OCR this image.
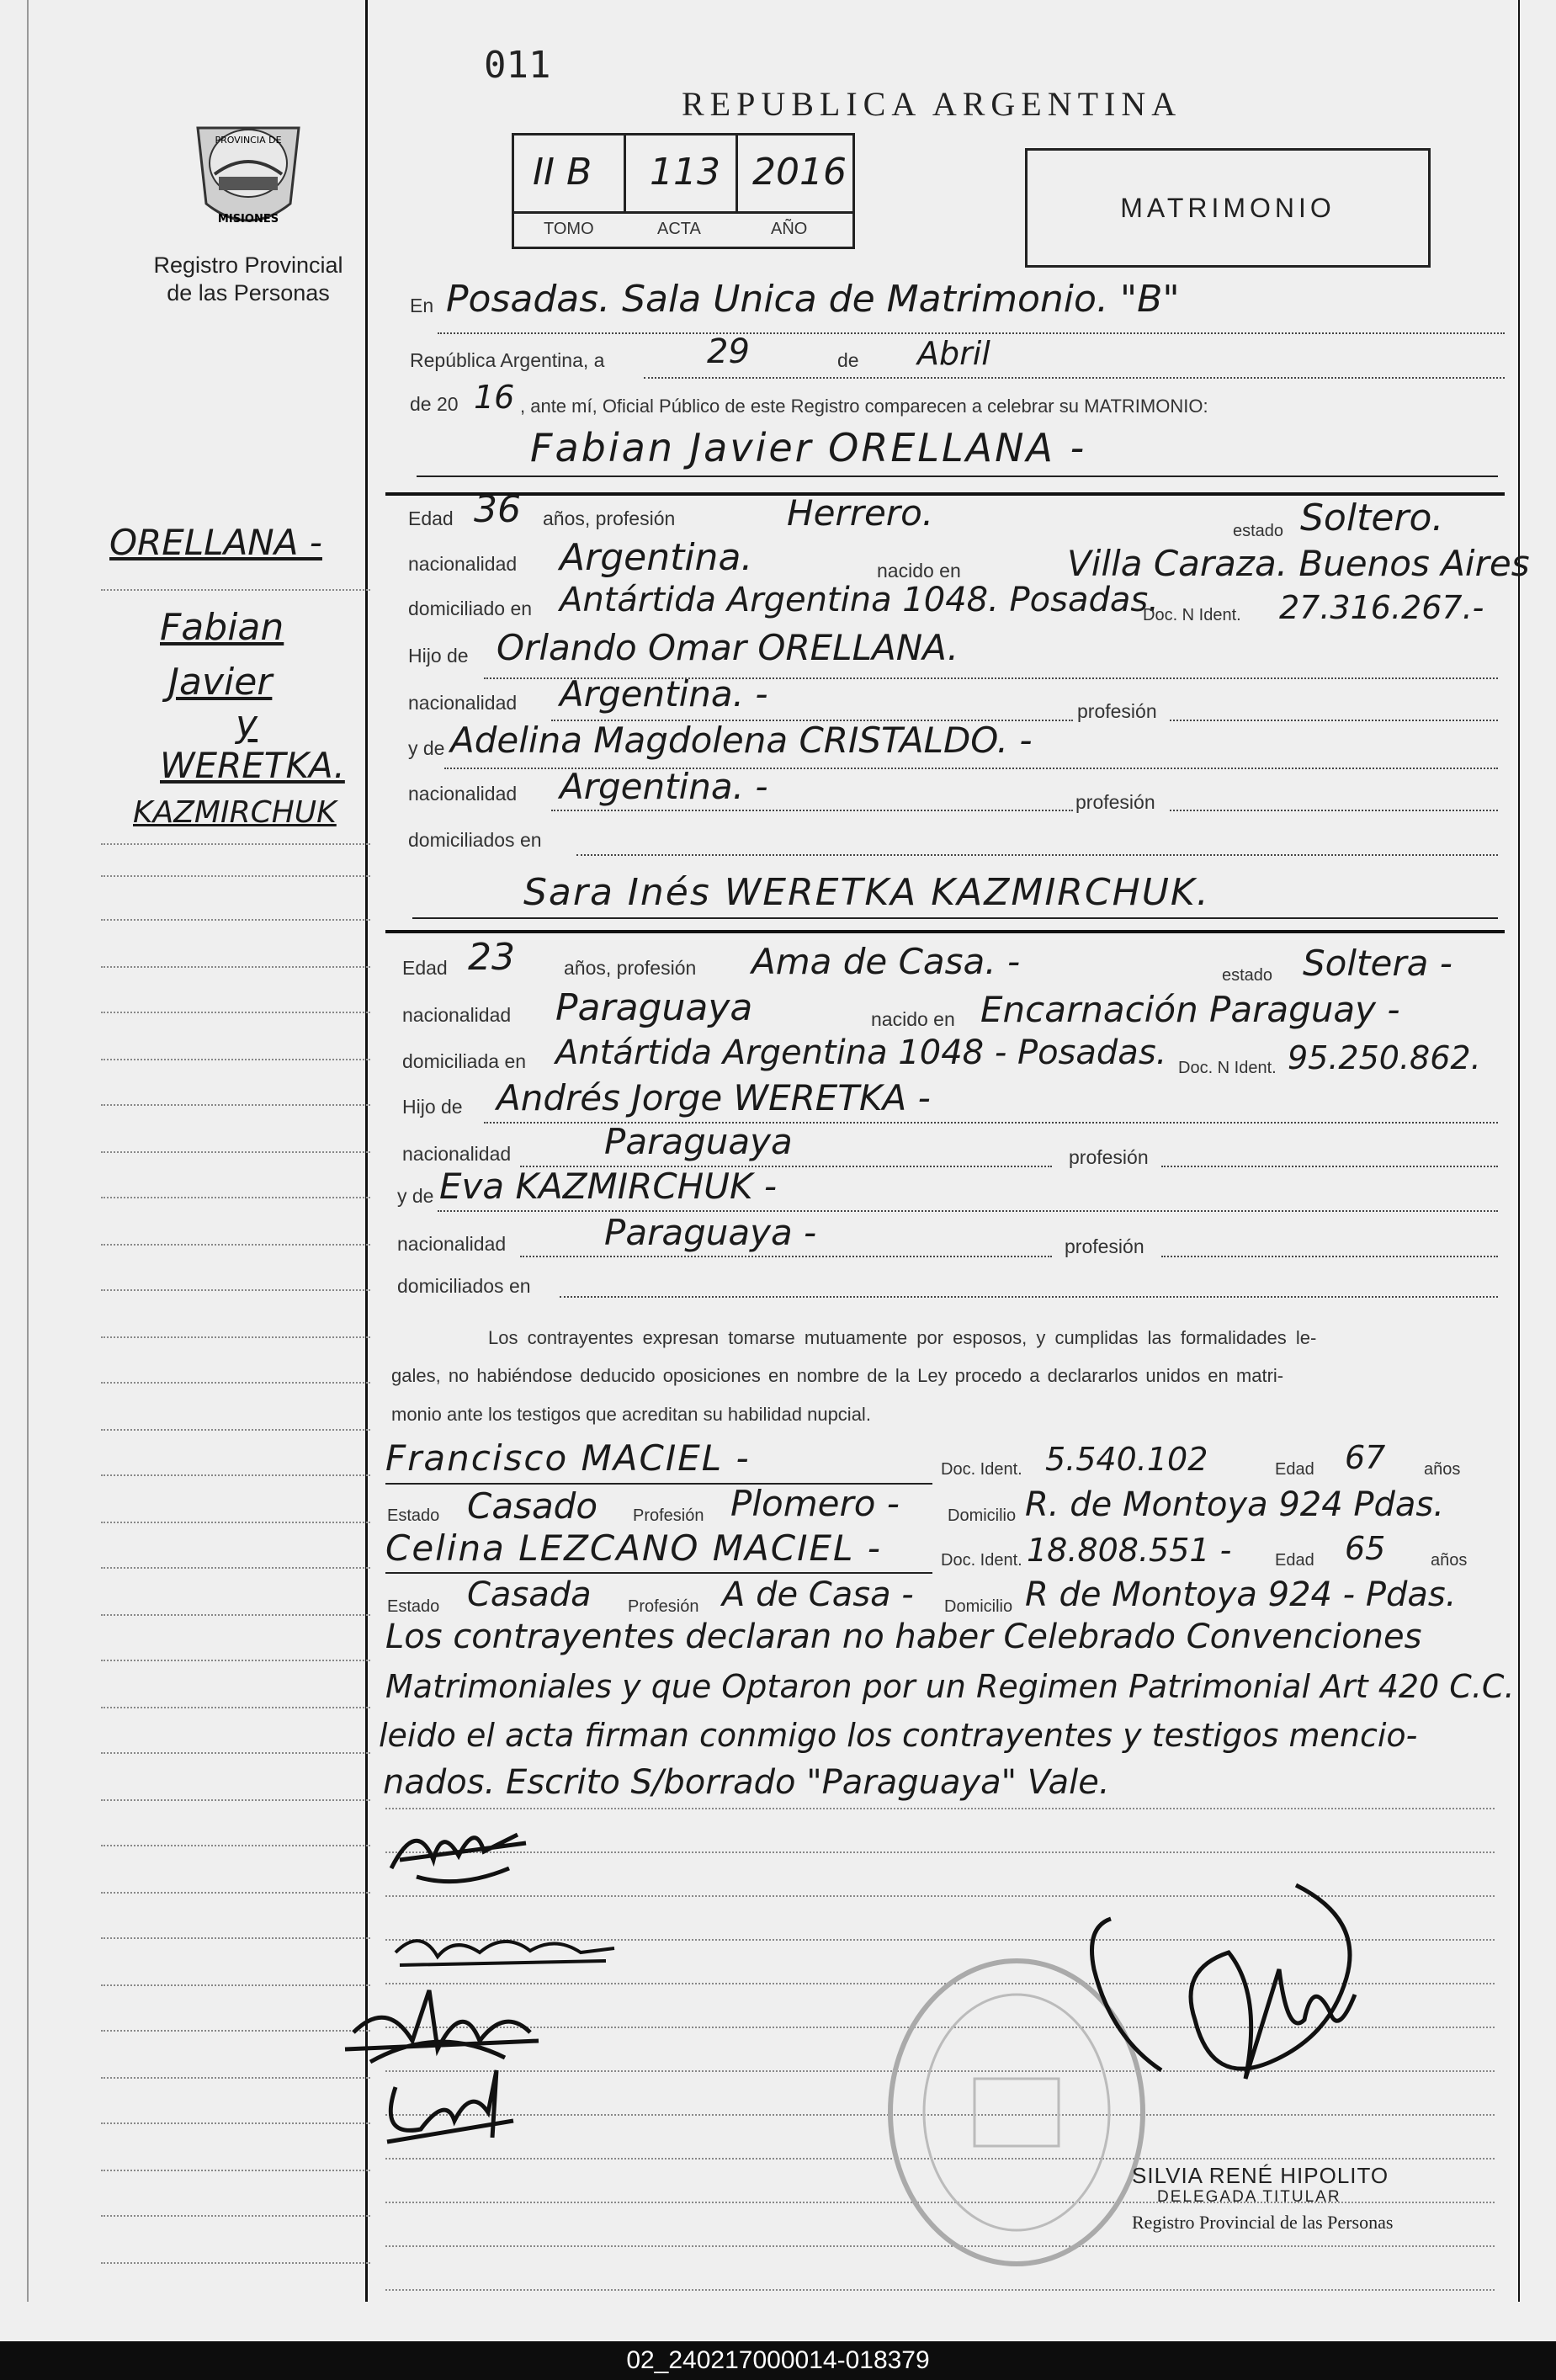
011
REPUBLICA ARGENTINA
PROVINCIA DE
MISIONES
Registro Provincial
de las Personas
II B 113 2016
TOMO	ACTA	AÑO
MATRIMONIO
En Posadas. Sala Unica de Matrimonio. "B"
República Argentina, a	29	de Abril
de 20 16 , ante mí, Oficial Público de este Registro comparecen a celebrar su MATRIMONIO:
Fabian Javier ORELLANA -
Edad 36 años, profesión	Herrero.	estado Soltero.
nacionalidad Argentina.	nacido en	Villa Caraza. Buenos Aires
domiciliado en Antártida Argentina 1048. Posadas.
Doc. N Ident. 27.316.267.-
Hijo de Orlando Omar ORELLANA.
nacionalidad Argentina. -	profesión
y de Adelina Magdolena CRISTALDO. -
nacionalidad Argentina. -	profesión
domiciliados en
Sara Inés WERETKA KAZMIRCHUK.
Edad 23	años, profesión Ama de Casa. -	estado Soltera -
nacionalidad Paraguaya	nacido en Encarnación Paraguay -
domiciliada en Antártida Argentina 1048 - Posadas. Doc. N Ident. 95.250.862.
Hijo de Andrés Jorge WERETKA -
nacionalidad	Paraguaya	profesión
y de Eva KAZMIRCHUK -
nacionalidad	Paraguaya -	profesión
domiciliados en
Los contrayentes expresan tomarse mutuamente por esposos, y cumplidas las formalidades le-
gales, no habiéndose deducido oposiciones en nombre de la Ley procedo a declararlos unidos en matri-
monio ante los testigos que acreditan su habilidad nupcial.
Francisco MACIEL -	Doc. Ident. 5.540.102	Edad 67 años
Estado Casado Profesión Plomero -	Domicilio R. de Montoya 924 Pdas.
Celina LEZCANO MACIEL -	Doc. Ident. 18.808.551 -	Edad 65	años
Estado Casada Profesión A de Casa - Domicilio R de Montoya 924 - Pdas.
Los contrayentes declaran no haber Celebrado Convenciones
Matrimoniales y que Optaron por un Regimen Patrimonial Art 420 C.C.
leido el acta firman conmigo los contrayentes y testigos mencio-
nados. Escrito S/borrado "Paraguaya" Vale.
ORELLANA -
Fabian
Javier
y
WERETKA.
KAZMIRCHUK
SILVIA RENÉ HIPOLITO
DELEGADA TITULAR
Registro Provincial de las Personas
02_240217000014-018379
